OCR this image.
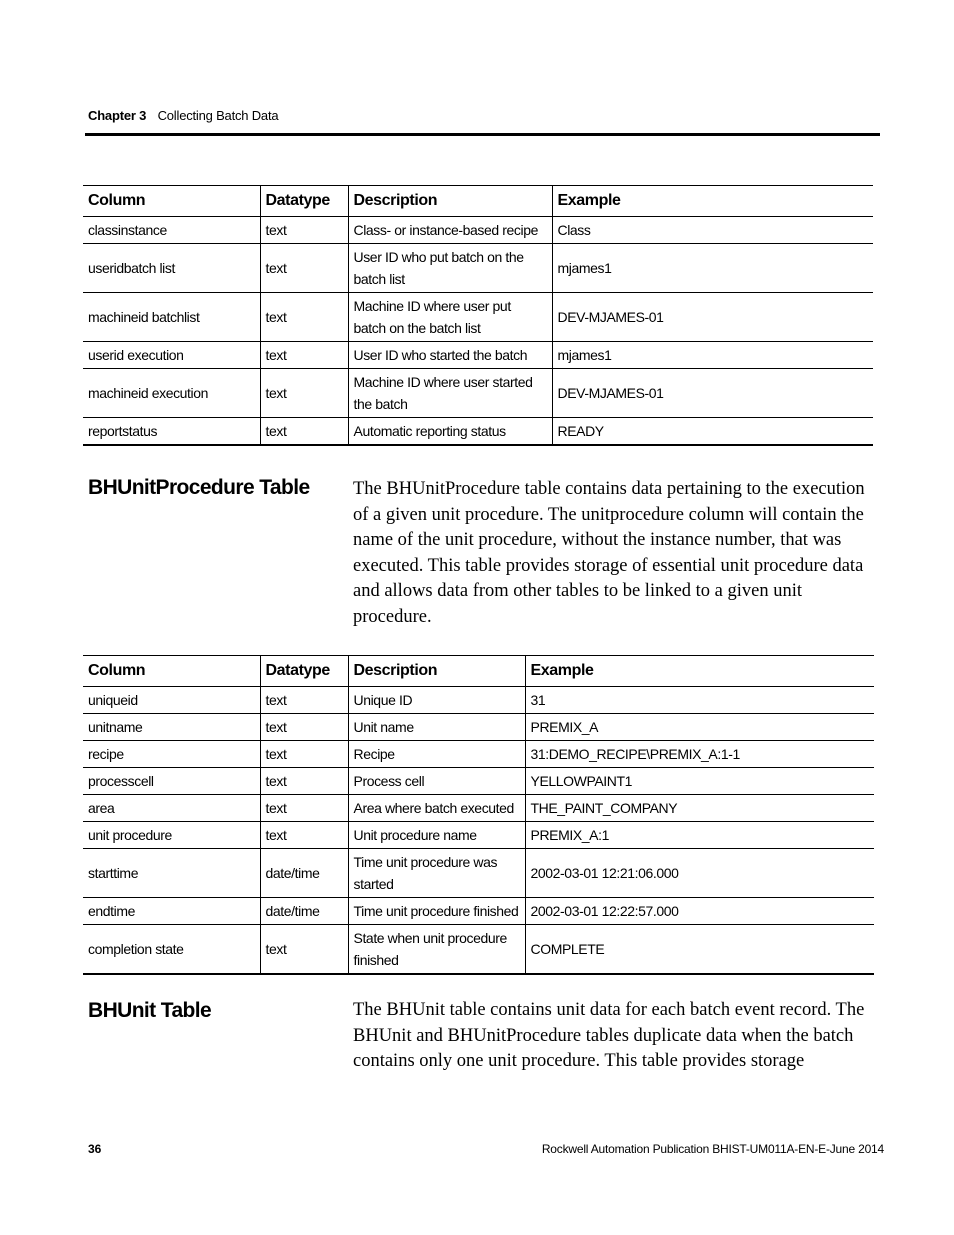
Chapter 3 Collecting Batch Data
Column	Datatype	Description	Example
classinstance	text	Class- or instance-based recipe	Class
useridbatch list	text	User ID who put batch on the batch list	mjames1
machineid batchlist	text	Machine ID where user put batch on the batch list	DEV-MJAMES-01
userid execution	text	User ID who started the batch	mjames1
machineid execution	text	Machine ID where user started the batch	DEV-MJAMES-01
reportstatus	text	Automatic reporting status	READY
BHUnitProcedure Table The BHUnitProcedure table contains data pertaining to the execution of a given unit procedure. The unitprocedure column will contain the name of the unit procedure, without the instance number, that was executed. This table provides storage of essential unit procedure data and allows data from other tables to be linked to a given unit procedure.
Column	Datatype	Description	Example
uniqueid	text	Unique ID	31
unitname	text	Unit name	PREMIX_A
recipe	text	Recipe	31:DEMO_RECIPE\PREMIX_A:1-1
processcell	text	Process cell	YELLOWPAINT1
area	text	Area where batch executed	THE_PAINT_COMPANY
unit procedure	text	Unit procedure name	PREMIX_A:1
starttime	date/time	Time unit procedure was started	2002-03-01 12:21:06.000
endtime	date/time	Time unit procedure finished	2002-03-01 12:22:57.000
completion state	text	State when unit procedure finished	COMPLETE
BHUnit Table	The BHUnit table contains unit data for each batch event record. The BHUnit and BHUnitProcedure tables duplicate data when the batch contains only one unit procedure. This table provides storage
36	Rockwell Automation Publication BHIST-UM011A-EN-E-June 2014
